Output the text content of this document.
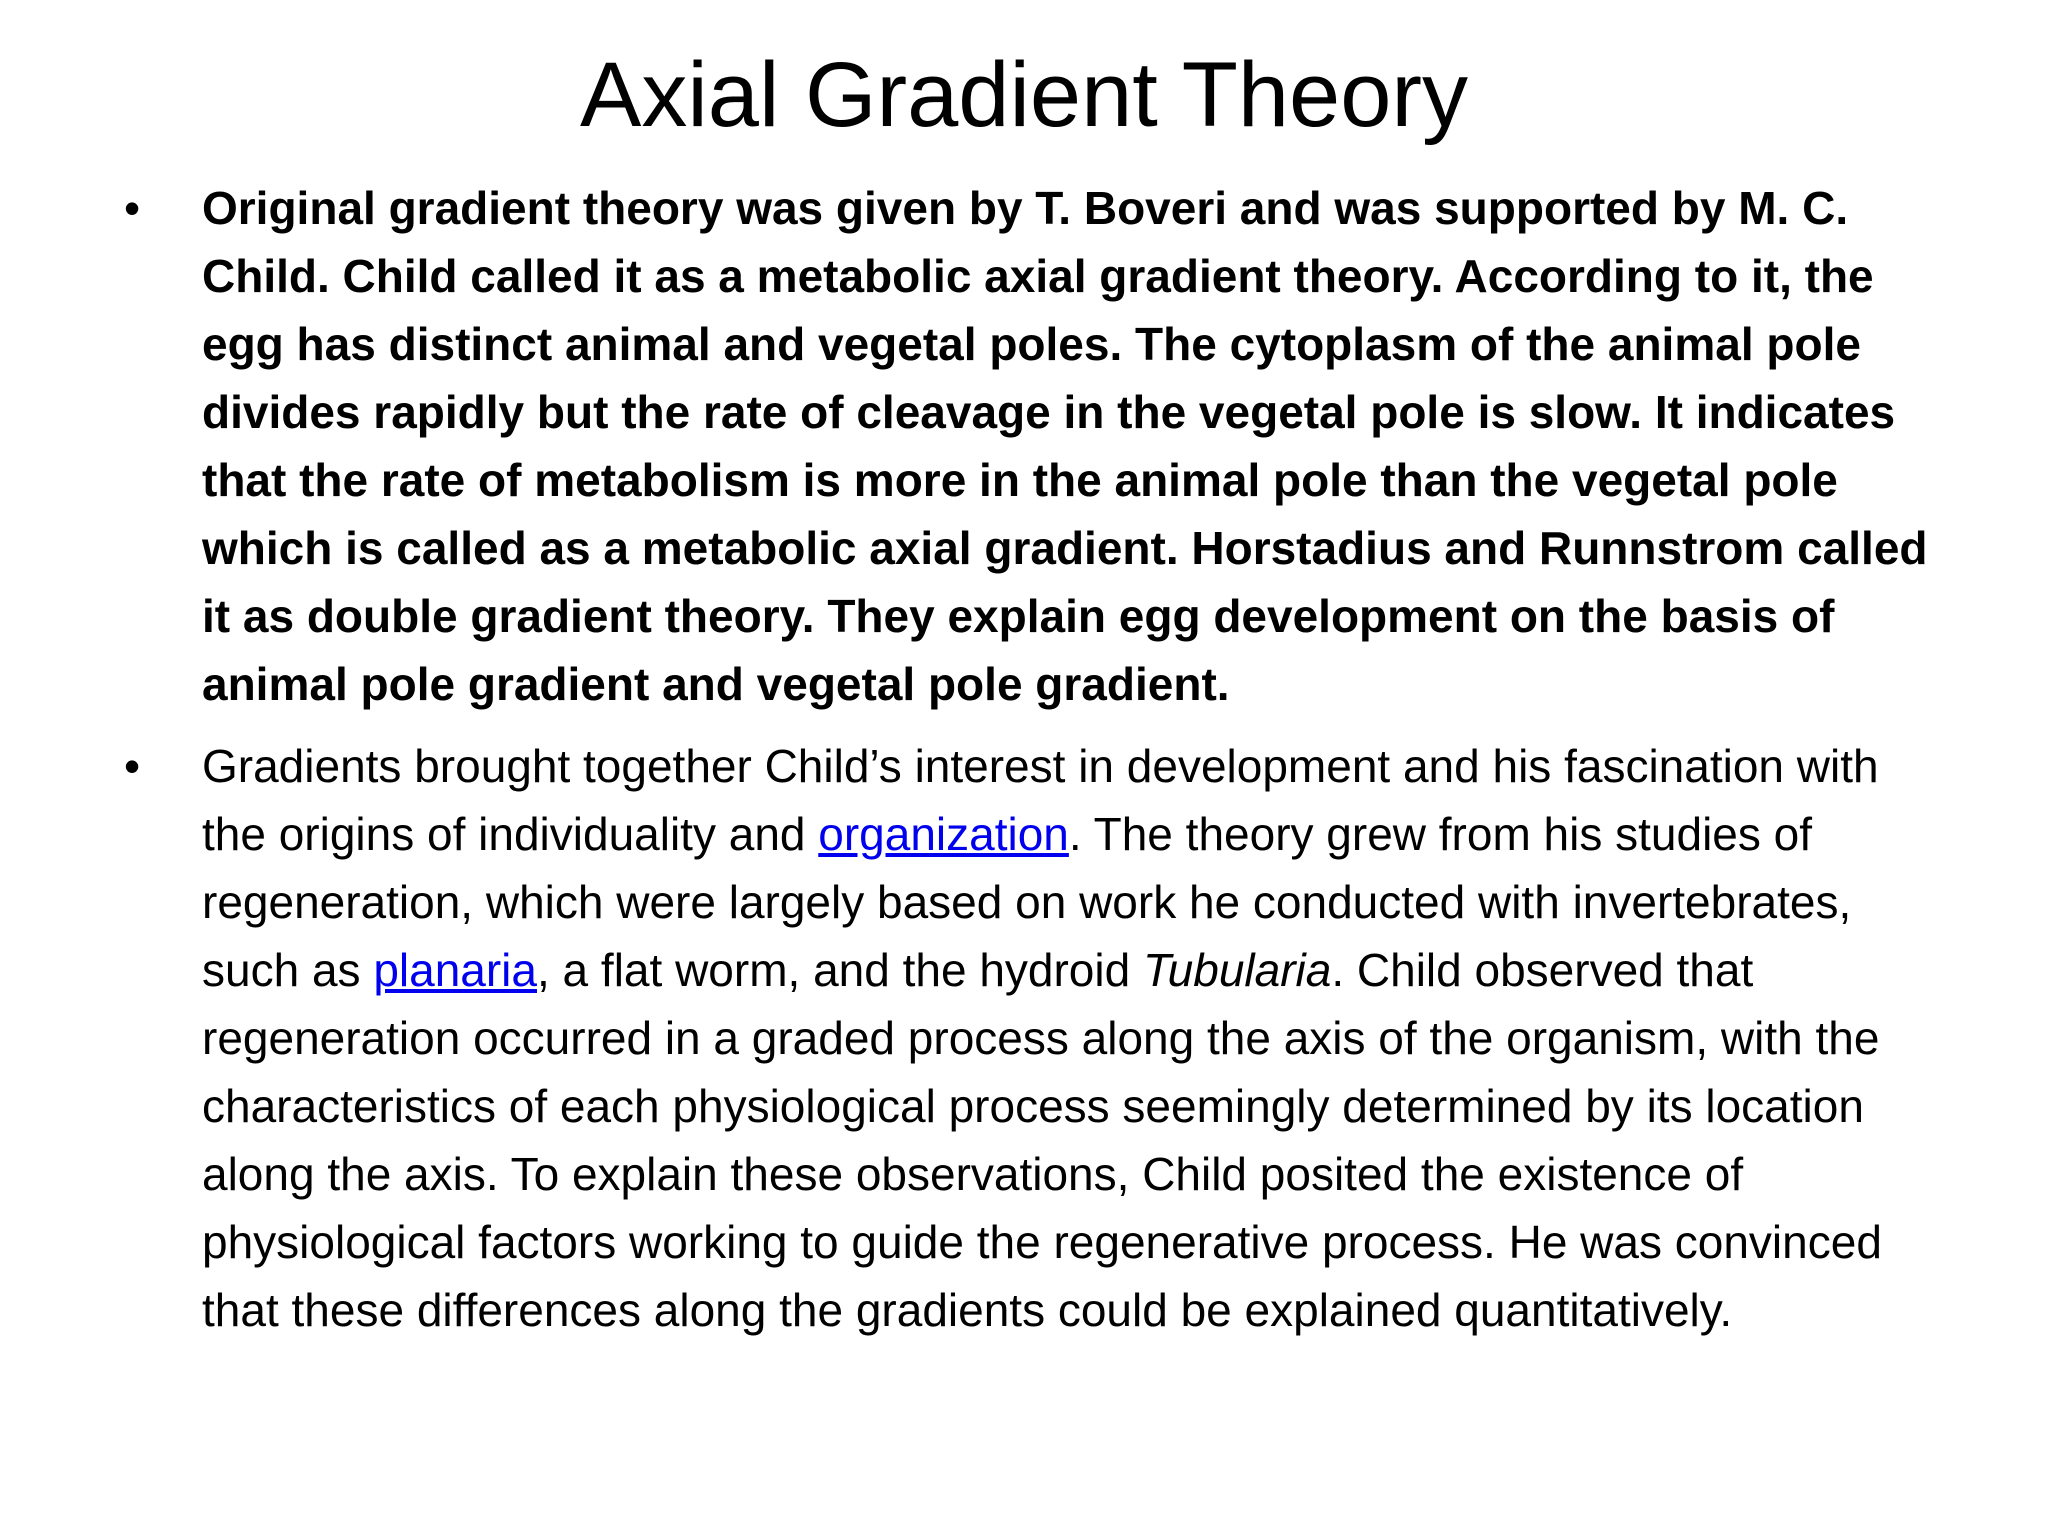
Axial Gradient Theory
•	Original gradient theory was given by T. Boveri and was supported by M. C. Child. Child called it as a metabolic axial gradient theory. According to it, the egg has distinct animal and vegetal poles. The cytoplasm of the animal pole divides rapidly but the rate of cleavage in the vegetal pole is slow. It indicates that the rate of metabolism is more in the animal pole than the vegetal pole which is called as a metabolic axial gradient. Horstadius and Runnstrom called it as double gradient theory. They explain egg development on the basis of animal pole gradient and vegetal pole gradient.
•	Gradients brought together Child’s interest in development and his fascination with the origins of individuality and organization. The theory grew from his studies of regeneration, which were largely based on work he conducted with invertebrates, such as planaria, a flat worm, and the hydroid Tubularia. Child observed that regeneration occurred in a graded process along the axis of the organism, with the characteristics of each physiological process seemingly determined by its location along the axis. To explain these observations, Child posited the existence of physiological factors working to guide the regenerative process. He was convinced that these differences along the gradients could be explained quantitatively.
